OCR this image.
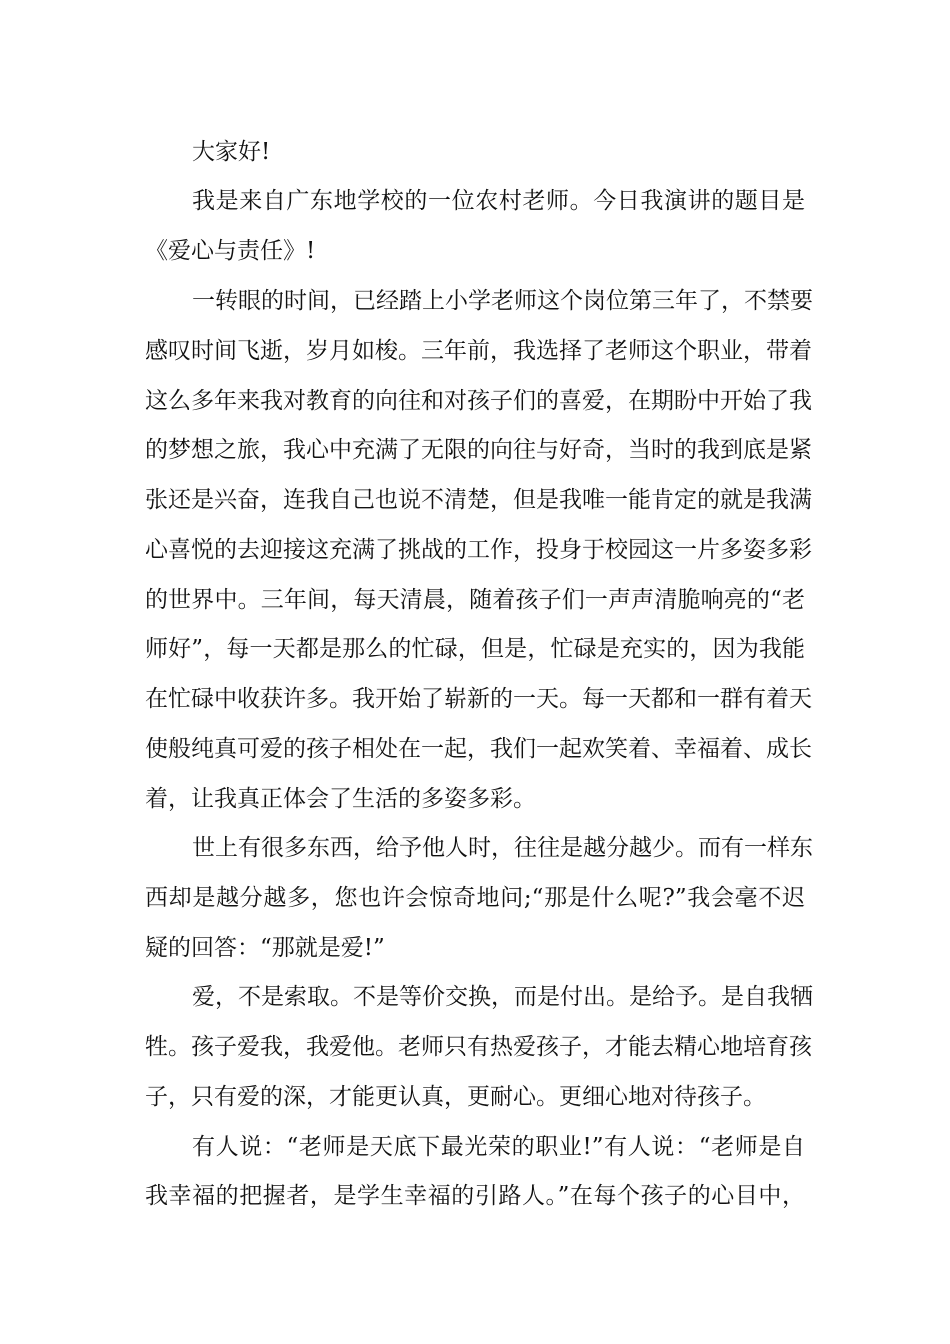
大家好!
我是来自广东地学校的一位农村老师。今日我演讲的题目是
《爱心与责任》!
一转眼的时间，已经踏上小学老师这个岗位第三年了，不禁要
感叹时间飞逝，岁月如梭。三年前，我选择了老师这个职业，带着
这么多年来我对教育的向往和对孩子们的喜爱，在期盼中开始了我
的梦想之旅，我心中充满了无限的向往与好奇，当时的我到底是紧
张还是兴奋，连我自己也说不清楚，但是我唯一能肯定的就是我满
心喜悦的去迎接这充满了挑战的工作，投身于校园这一片多姿多彩
的世界中。三年间，每天清晨，随着孩子们一声声清脆响亮的“老
师好”，每一天都是那么的忙碌，但是，忙碌是充实的，因为我能
在忙碌中收获许多。我开始了崭新的一天。每一天都和一群有着天
使般纯真可爱的孩子相处在一起，我们一起欢笑着、幸福着、成长
着，让我真正体会了生活的多姿多彩。
世上有很多东西，给予他人时，往往是越分越少。而有一样东
西却是越分越多，您也许会惊奇地问;“那是什么呢?”我会毫不迟
疑的回答：“那就是爱!”
爱，不是索取。不是等价交换，而是付出。是给予。是自我牺
牲。孩子爱我，我爱他。老师只有热爱孩子，才能去精心地培育孩
子，只有爱的深，才能更认真，更耐心。更细心地对待孩子。
有人说：“老师是天底下最光荣的职业!”有人说：“老师是自
我幸福的把握者，是学生幸福的引路人。”在每个孩子的心目中，
